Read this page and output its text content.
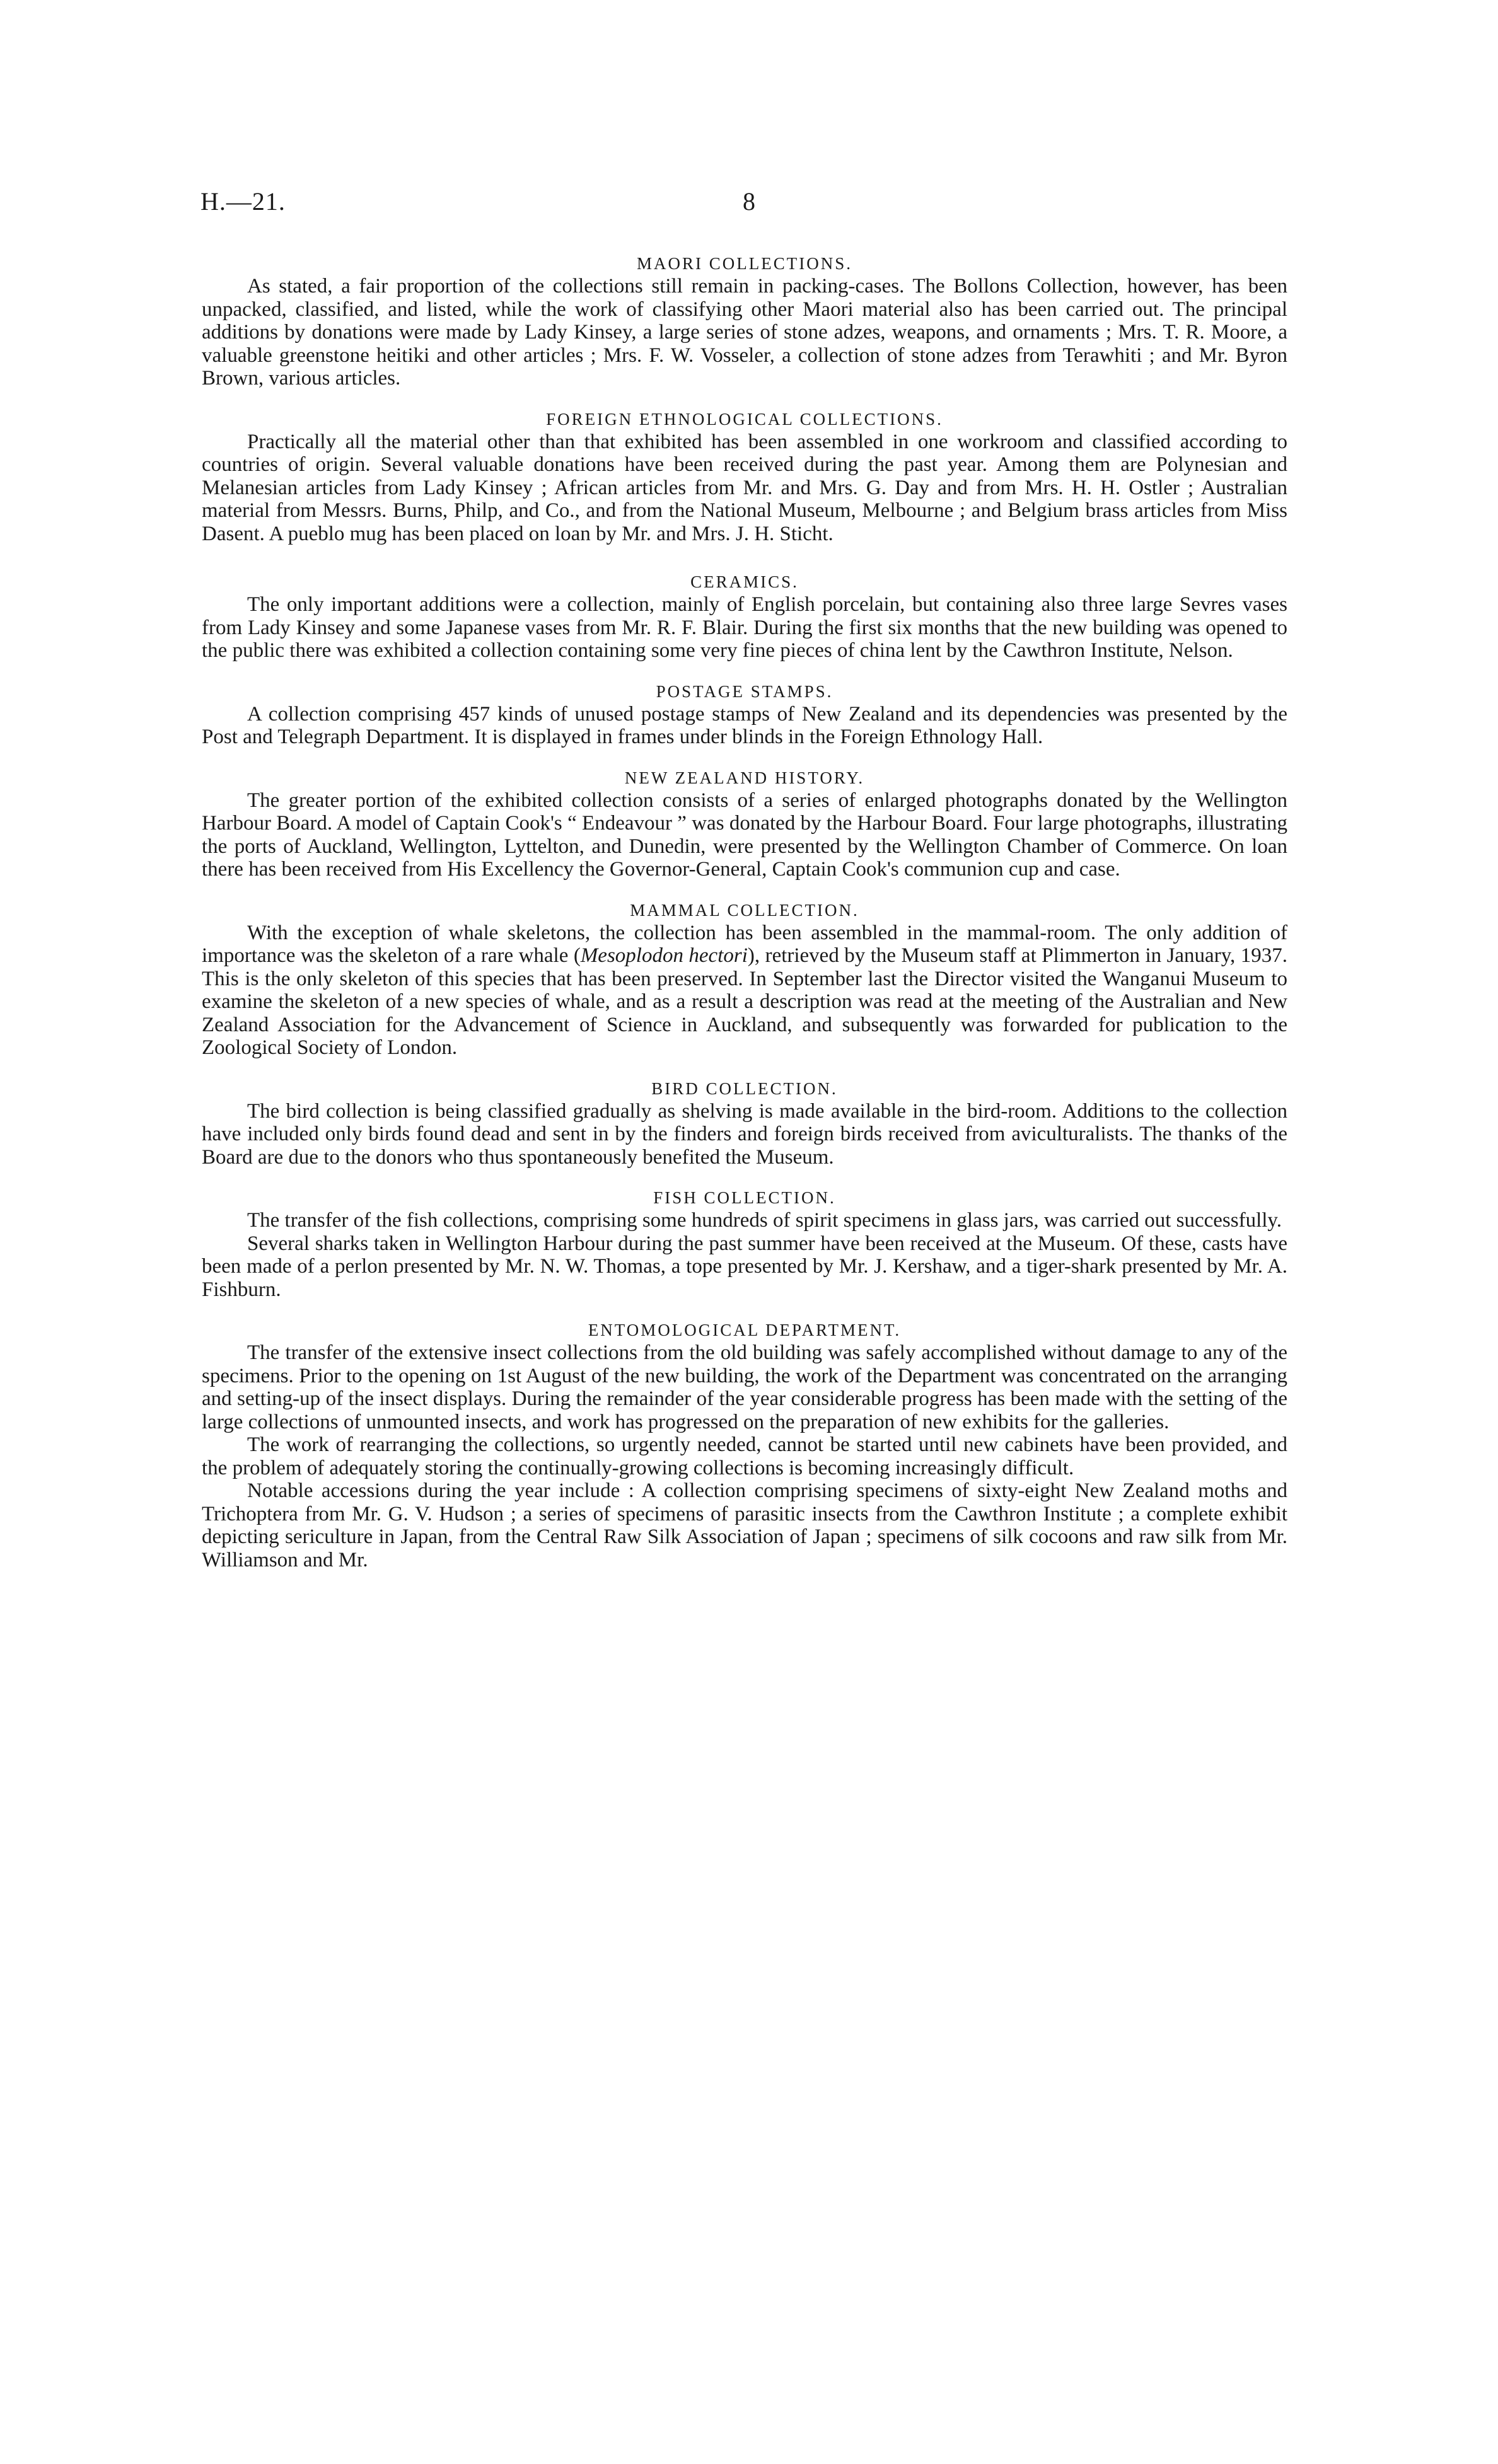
H.—21.	8
MAORI COLLECTIONS.

As stated, a fair proportion of the collections still remain in packing-cases. The Bollons Collection, however, has been unpacked, classified, and listed, while the work of classifying other Maori material also has been carried out. The principal additions by donations were made by Lady Kinsey, a large series of stone adzes, weapons, and ornaments ; Mrs. T. R. Moore, a valuable greenstone heitiki and other articles ; Mrs. F. W. Vosseler, a collection of stone adzes from Terawhiti ; and Mr. Byron Brown, various articles.

FOREIGN ETHNOLOGICAL COLLECTIONS.

Practically all the material other than that exhibited has been assembled in one workroom and classified according to countries of origin. Several valuable donations have been received during the past year. Among them are Polynesian and Melanesian articles from Lady Kinsey ; African articles from Mr. and Mrs. G. Day and from Mrs. H. H. Ostler ; Australian material from Messrs. Burns, Philp, and Co., and from the National Museum, Melbourne ; and Belgium brass articles from Miss Dasent. A pueblo mug has been placed on loan by Mr. and Mrs. J. H. Sticht.

CERAMICS.

The only important additions were a collection, mainly of English porcelain, but containing also three large Sevres vases from Lady Kinsey and some Japanese vases from Mr. R. F. Blair. During the first six months that the new building was opened to the public there was exhibited a collection containing some very fine pieces of china lent by the Cawthron Institute, Nelson.

POSTAGE STAMPS.

A collection comprising 457 kinds of unused postage stamps of New Zealand and its dependencies was presented by the Post and Telegraph Department. It is displayed in frames under blinds in the Foreign Ethnology Hall.

NEW ZEALAND HISTORY.

The greater portion of the exhibited collection consists of a series of enlarged photographs donated by the Wellington Harbour Board. A model of Captain Cook's “ Endeavour ” was donated by the Harbour Board. Four large photographs, illustrating the ports of Auckland, Wellington, Lyttelton, and Dunedin, were presented by the Wellington Chamber of Commerce. On loan there has been received from His Excellency the Governor-General, Captain Cook's communion cup and case.

MAMMAL COLLECTION.

With the exception of whale skeletons, the collection has been assembled in the mammal-room. The only addition of importance was the skeleton of a rare whale (Mesoplodon hectori), retrieved by the Museum staff at Plimmerton in January, 1937. This is the only skeleton of this species that has been preserved. In September last the Director visited the Wanganui Museum to examine the skeleton of a new species of whale, and as a result a description was read at the meeting of the Australian and New Zealand Association for the Advancement of Science in Auckland, and subsequently was forwarded for publication to the Zoological Society of London.

BIRD COLLECTION.

The bird collection is being classified gradually as shelving is made available in the bird-room. Additions to the collection have included only birds found dead and sent in by the finders and foreign birds received from aviculturalists. The thanks of the Board are due to the donors who thus spontaneously benefited the Museum.

FISH COLLECTION.

The transfer of the fish collections, comprising some hundreds of spirit specimens in glass jars, was carried out successfully.

Several sharks taken in Wellington Harbour during the past summer have been received at the Museum. Of these, casts have been made of a perlon presented by Mr. N. W. Thomas, a tope presented by Mr. J. Kershaw, and a tiger-shark presented by Mr. A. Fishburn.

ENTOMOLOGICAL DEPARTMENT.

The transfer of the extensive insect collections from the old building was safely accomplished without damage to any of the specimens. Prior to the opening on 1st August of the new building, the work of the Department was concentrated on the arranging and setting-up of the insect displays. During the remainder of the year considerable progress has been made with the setting of the large collections of unmounted insects, and work has progressed on the preparation of new exhibits for the galleries.

The work of rearranging the collections, so urgently needed, cannot be started until new cabinets have been provided, and the problem of adequately storing the continually-growing collections is becoming increasingly difficult.

Notable accessions during the year include : A collection comprising specimens of sixty-eight New Zealand moths and Trichoptera from Mr. G. V. Hudson ; a series of specimens of parasitic insects from the Cawthron Institute ; a complete exhibit depicting sericulture in Japan, from the Central Raw Silk Association of Japan ; specimens of silk cocoons and raw silk from Mr. Williamson and Mr.
